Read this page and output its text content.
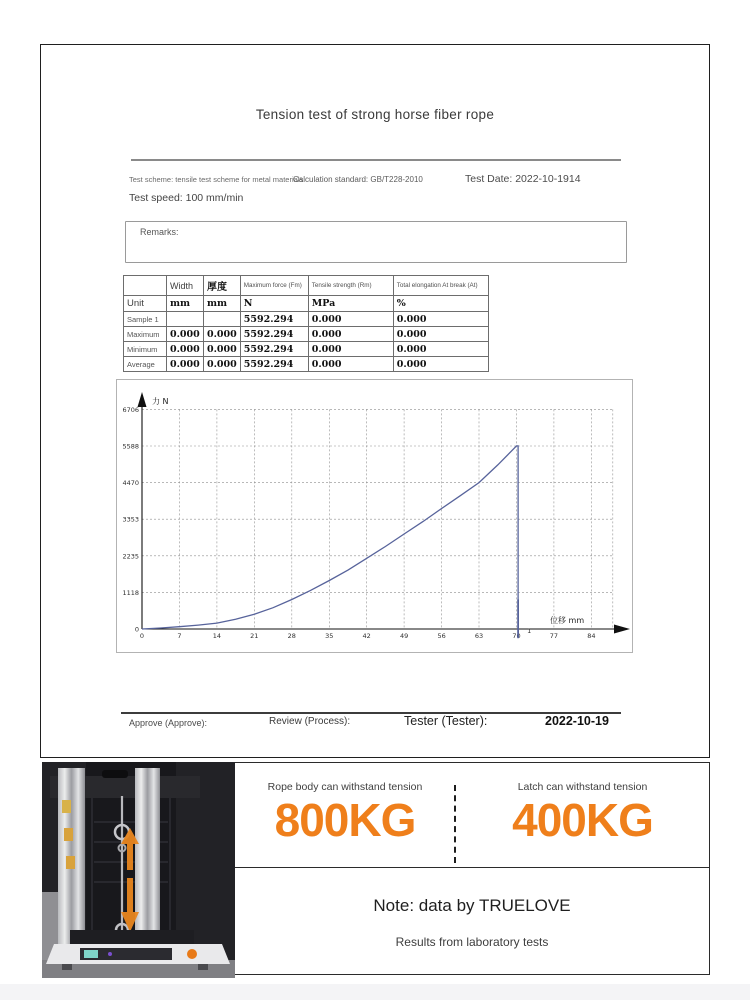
Tension test of strong horse fiber rope
Test scheme: tensile test scheme for metal materials
Calculation standard: GB/T228-2010	Test Date: 2022-10-1914
Test speed: 100 mm/min
Remarks:
	Width	厚度	Maximum force (Fm)	Tensile strength (Rm)	Total elongation At break (At)
Unit	mm	mm	N	MPa	%
Sample 1			5592.294	0.000	0.000
Maximum	0.000	0.000	5592.294	0.000	0.000
Minimum	0.000	0.000	5592.294	0.000	0.000
Average	0.000	0.000	5592.294	0.000	0.000
0
1118
2235
3353
4470
5588
6706
0	7	14	21	28	35	42	49	56	63	70	77	84
力 N
位移 mm
1
Approve (Approve):	Review (Process):	Tester (Tester):	2022-10-19
Rope body can withstand tension
800KG
Latch can withstand tension
400KG
Note: data by TRUELOVE
Results from laboratory tests
